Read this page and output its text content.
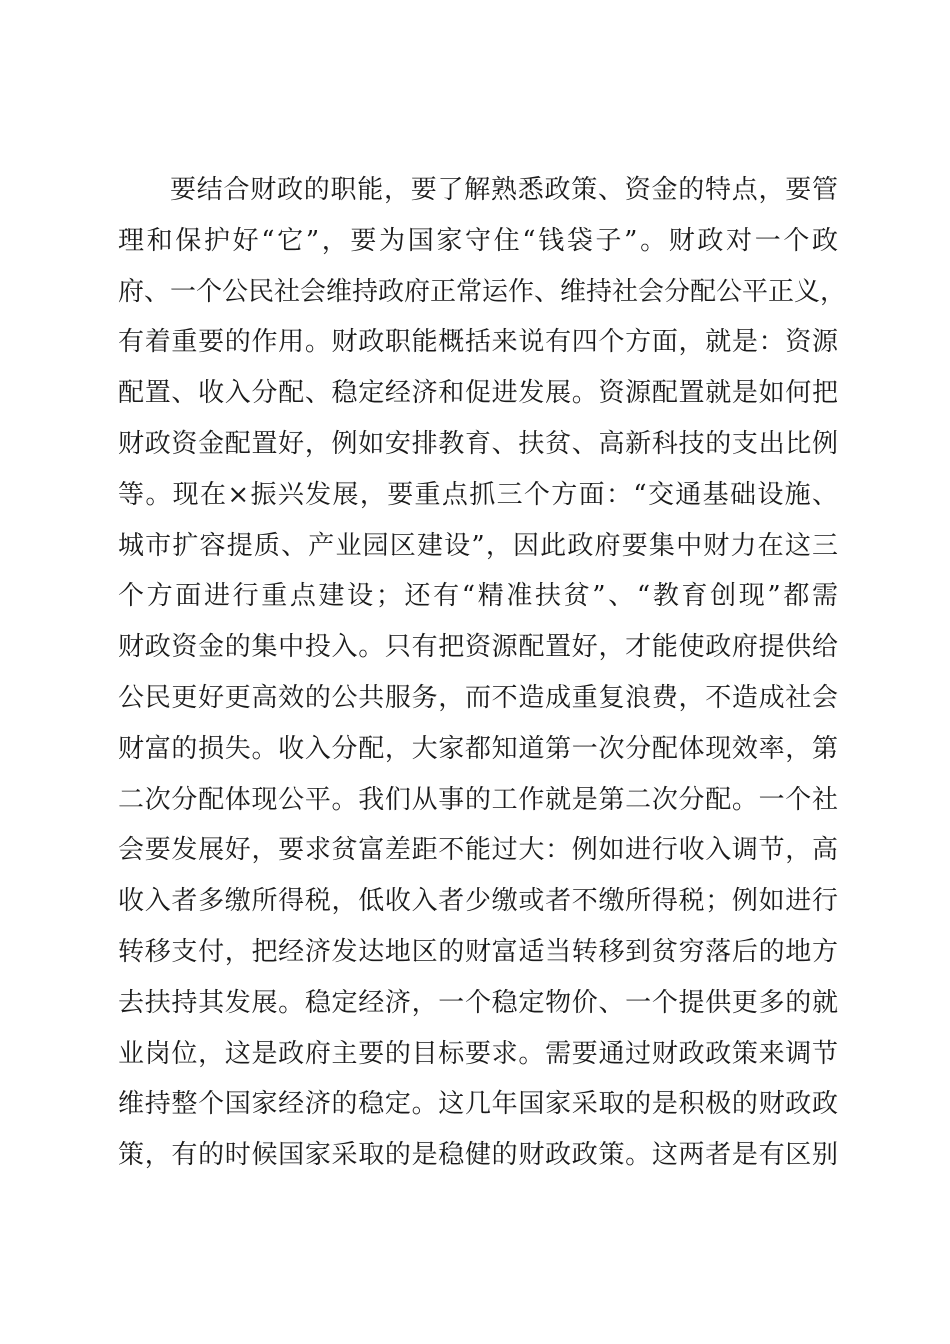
要结合财政的职能，要了解熟悉政策、资金的特点，要管
理和保护好“它”，要为国家守住“钱袋子”。财政对一个政
府、一个公民社会维持政府正常运作、维持社会分配公平正义，
有着重要的作用。财政职能概括来说有四个方面，就是：资源
配置、收入分配、稳定经济和促进发展。资源配置就是如何把
财政资金配置好，例如安排教育、扶贫、高新科技的支出比例
等。现在×振兴发展，要重点抓三个方面：“交通基础设施、
城市扩容提质、产业园区建设”，因此政府要集中财力在这三
个方面进行重点建设；还有“精准扶贫”、“教育创现”都需
财政资金的集中投入。只有把资源配置好，才能使政府提供给
公民更好更高效的公共服务，而不造成重复浪费，不造成社会
财富的损失。收入分配，大家都知道第一次分配体现效率，第
二次分配体现公平。我们从事的工作就是第二次分配。一个社
会要发展好，要求贫富差距不能过大：例如进行收入调节，高
收入者多缴所得税，低收入者少缴或者不缴所得税；例如进行
转移支付，把经济发达地区的财富适当转移到贫穷落后的地方
去扶持其发展。稳定经济，一个稳定物价、一个提供更多的就
业岗位，这是政府主要的目标要求。需要通过财政政策来调节
维持整个国家经济的稳定。这几年国家采取的是积极的财政政
策，有的时候国家采取的是稳健的财政政策。这两者是有区别
